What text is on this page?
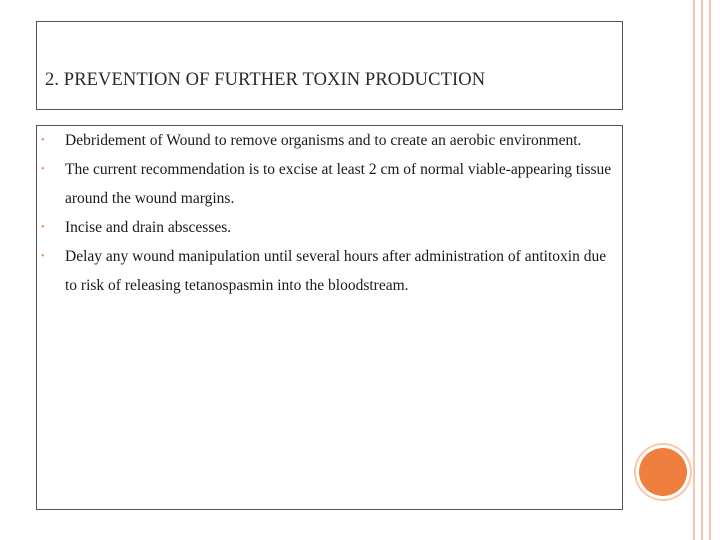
2. PREVENTION OF FURTHER TOXIN PRODUCTION
• Debridement of Wound to remove organisms and to create an aerobic environment.
• The current recommendation is to excise at least 2 cm of normal viable-appearing tissue around the wound margins.
• Incise and drain abscesses.
• Delay any wound manipulation until several hours after administration of antitoxin due to risk of releasing tetanospasmin into the bloodstream.
